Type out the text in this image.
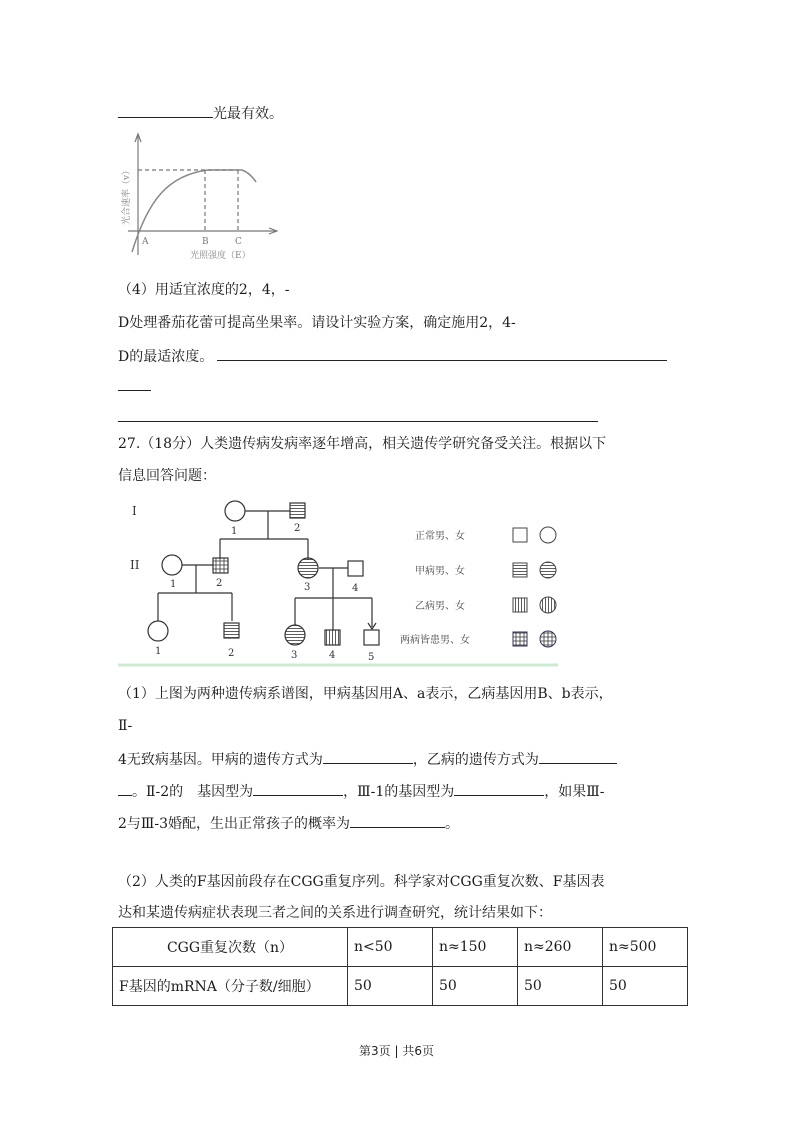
光最有效。
A	B	C
光照强度（E）
光合速率（v）
（4）用适宜浓度的2，4，-
D处理番茄花蕾可提高坐果率。请设计实验方案，确定施用2，4-
D的最适浓度。
27.（18分）人类遗传病发病率逐年增高，相关遗传学研究备受关注。根据以下
信息回答问题：
I
II
1	2
1	2	3	4
1	2	3	4	5
正常男、女
甲病男、女
乙病男、女
两病皆患男、女
（1）上图为两种遗传病系谱图，甲病基因用A、a表示，乙病基因用B、b表示，
Ⅱ-
4无致病基因。甲病的遗传方式为	，乙病的遗传方式为
。Ⅱ-2的　基因型为	，Ⅲ-1的基因型为	，如果Ⅲ-
2与Ⅲ-3婚配，生出正常孩子的概率为	。
（2）人类的F基因前段存在CGG重复序列。科学家对CGG重复次数、F基因表
达和某遗传病症状表现三者之间的关系进行调查研究，统计结果如下：
CGG重复次数（n）	n<50	n≈150	n≈260	n≈500
F基因的mRNA（分子数/细胞）	50	50	50	50
第3页 | 共6页
